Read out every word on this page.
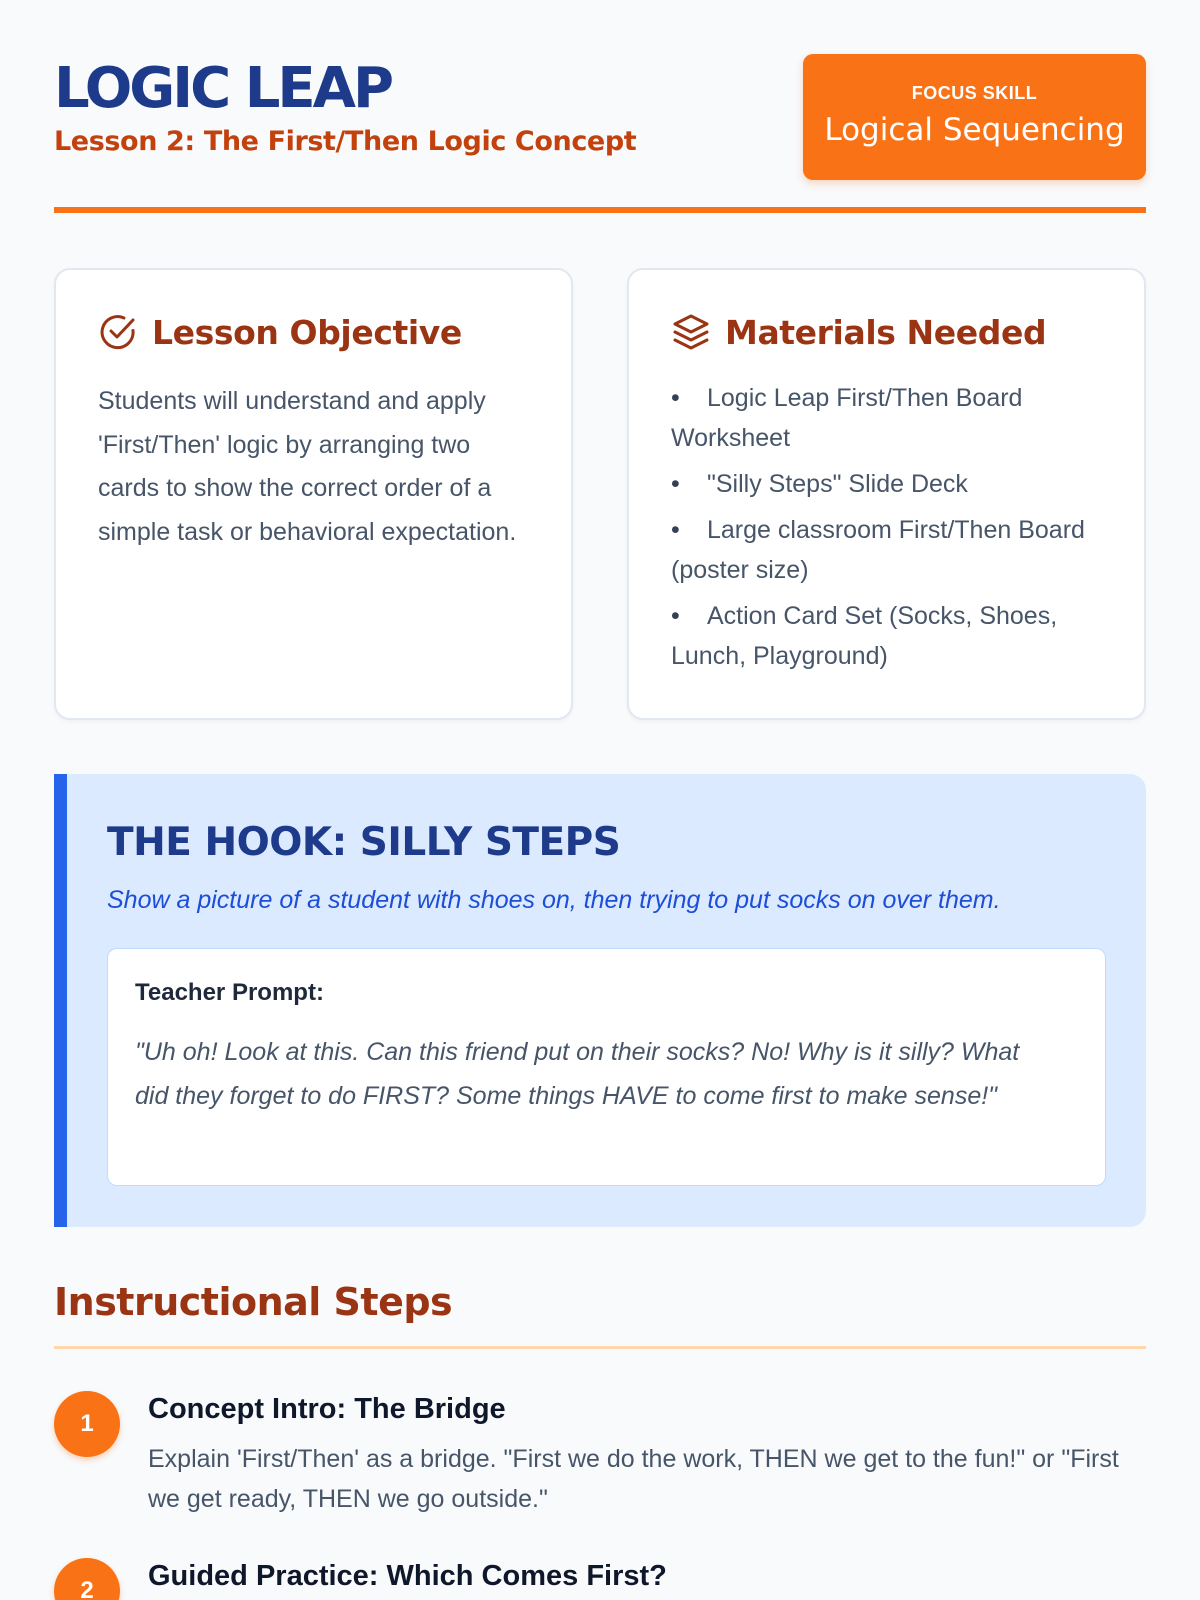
LOGIC LEAP
Lesson 2: The First/Then Logic Concept
FOCUS SKILL
Logical Sequencing
Lesson Objective

Students will understand and apply 'First/Then' logic by arranging two cards to show the correct order of a simple task or behavioral expectation.

Materials Needed
• Logic Leap First/Then Board Worksheet
• "Silly Steps" Slide Deck
• Large classroom First/Then Board (poster size)
• Action Card Set (Socks, Shoes, Lunch, Playground)
THE HOOK: SILLY STEPS

Show a picture of a student with shoes on, then trying to put socks on over them.

Teacher Prompt:

"Uh oh! Look at this. Can this friend put on their socks? No! Why is it silly? What did they forget to do FIRST? Some things HAVE to come first to make sense!"

Instructional Steps
1	Concept Intro: The Bridge

Explain 'First/Then' as a bridge. "First we do the work, THEN we get to the fun!" or "First we get ready, THEN we go outside."

2	Guided Practice: Which Comes First?
